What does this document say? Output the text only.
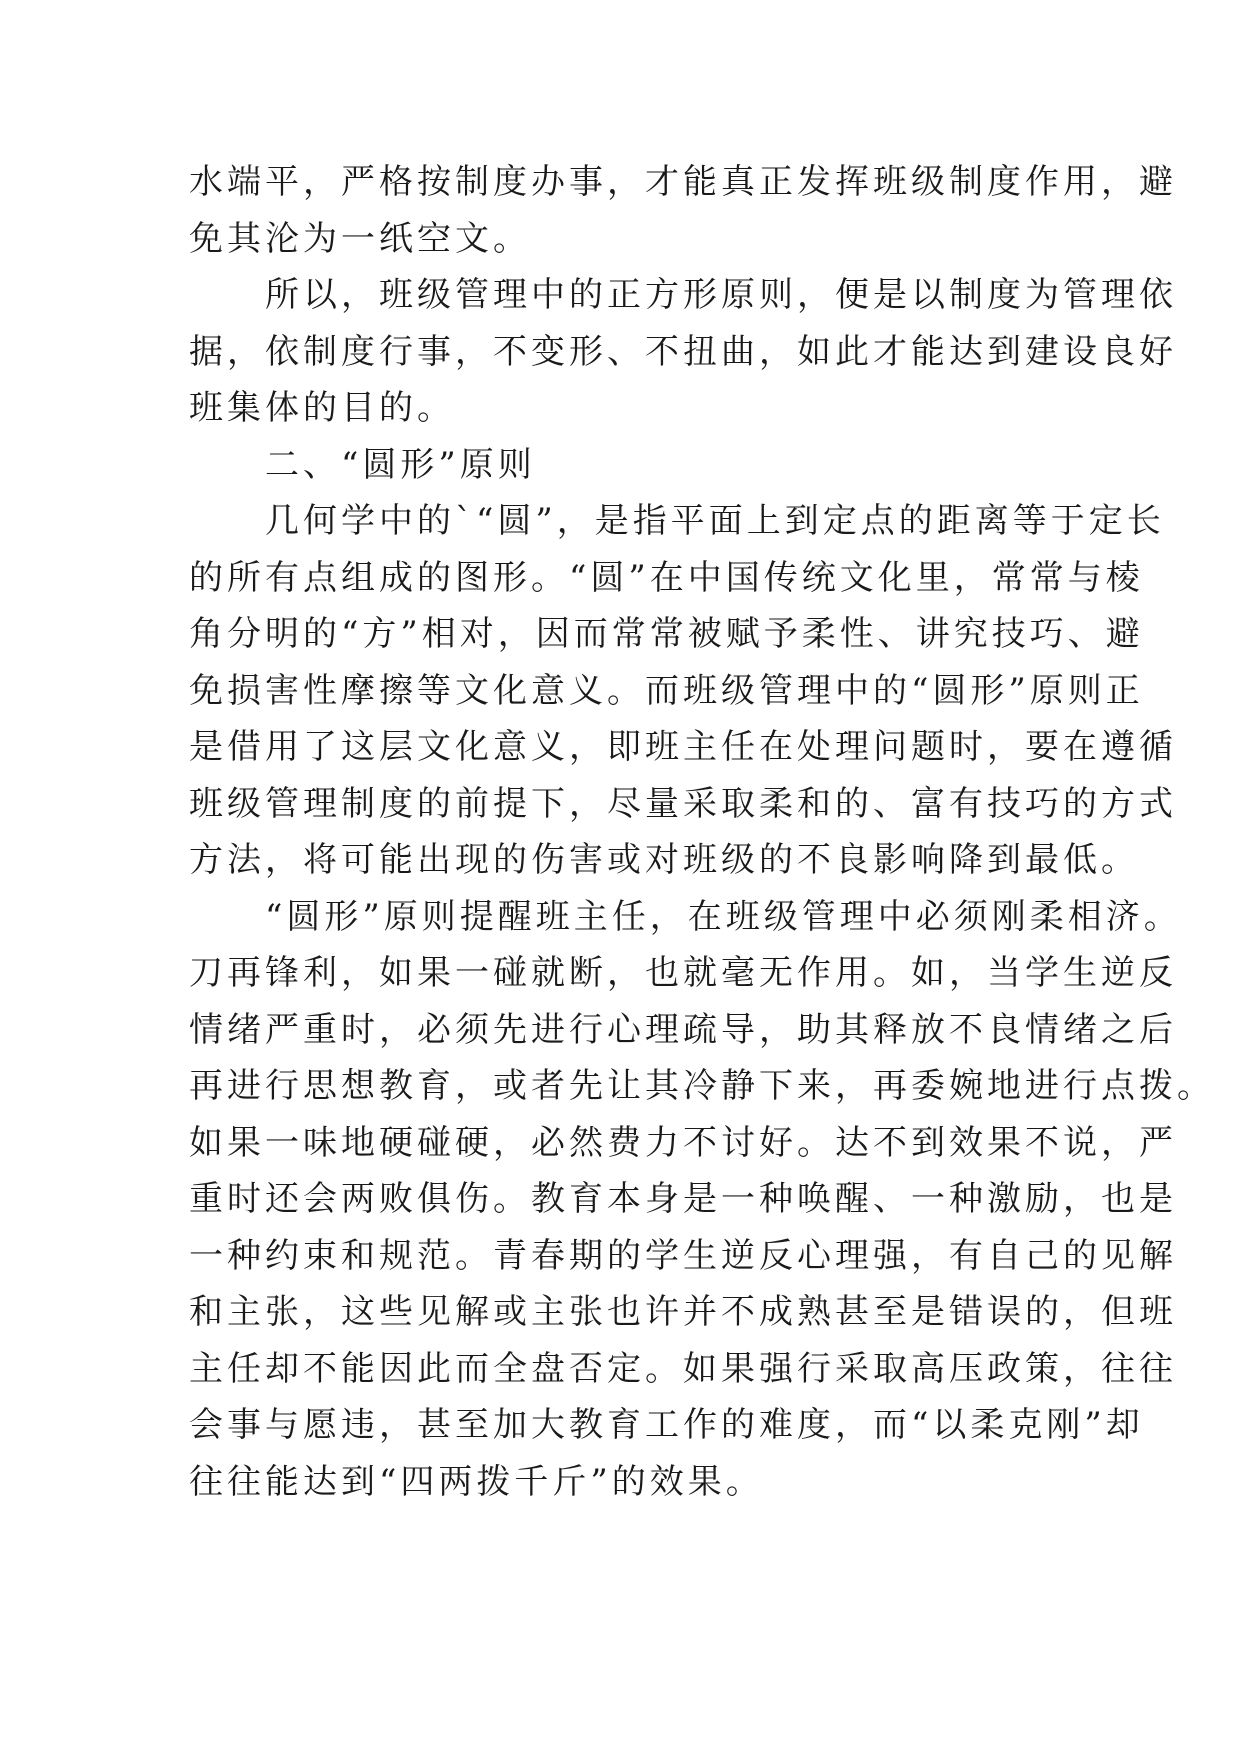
水端平，严格按制度办事，才能真正发挥班级制度作用，避
免其沦为一纸空文。
　　所以，班级管理中的正方形原则，便是以制度为管理依
据，依制度行事，不变形、不扭曲，如此才能达到建设良好
班集体的目的。
　　二、“圆形”原则
　　几何学中的`“圆”，是指平面上到定点的距离等于定长
的所有点组成的图形。“圆”在中国传统文化里，常常与棱
角分明的“方”相对，因而常常被赋予柔性、讲究技巧、避
免损害性摩擦等文化意义。而班级管理中的“圆形”原则正
是借用了这层文化意义，即班主任在处理问题时，要在遵循
班级管理制度的前提下，尽量采取柔和的、富有技巧的方式
方法，将可能出现的伤害或对班级的不良影响降到最低。
　　“圆形”原则提醒班主任，在班级管理中必须刚柔相济。
刀再锋利，如果一碰就断，也就毫无作用。如，当学生逆反
情绪严重时，必须先进行心理疏导，助其释放不良情绪之后
再进行思想教育，或者先让其冷静下来，再委婉地进行点拨。
如果一味地硬碰硬，必然费力不讨好。达不到效果不说，严
重时还会两败俱伤。教育本身是一种唤醒、一种激励，也是
一种约束和规范。青春期的学生逆反心理强，有自己的见解
和主张，这些见解或主张也许并不成熟甚至是错误的，但班
主任却不能因此而全盘否定。如果强行采取高压政策，往往
会事与愿违，甚至加大教育工作的难度，而“以柔克刚”却
往往能达到“四两拨千斤”的效果。
